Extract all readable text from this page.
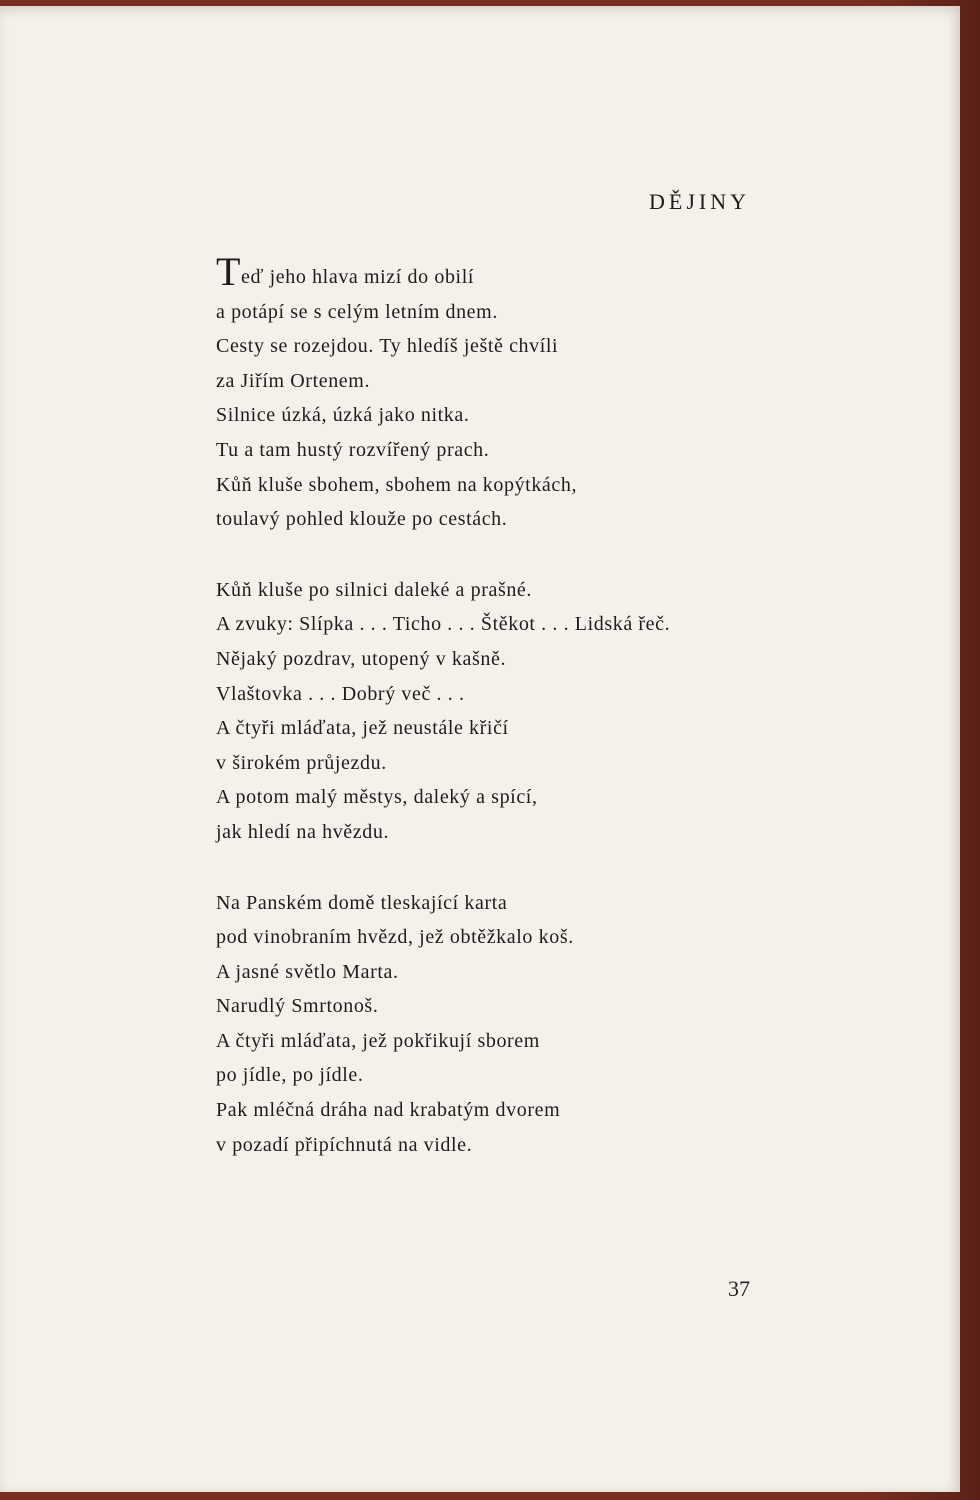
DĚJINY
Teď jeho hlava mizí do obilí
a potápí se s celým letním dnem.
Cesty se rozejdou. Ty hledíš ještě chvíli
za Jiřím Ortenem.
Silnice úzká, úzká jako nitka.
Tu a tam hustý rozvířený prach.
Kůň kluše sbohem, sbohem na kopýtkách,
toulavý pohled klouže po cestách.
Kůň kluše po silnici daleké a prašné.
A zvuky: Slípka . . . Ticho . . . Štěkot . . . Lidská řeč.
Nějaký pozdrav, utopený v kašně.
Vlaštovka . . . Dobrý več . . .
A čtyři mláďata, jež neustále křičí
v širokém průjezdu.
A potom malý městys, daleký a spící,
jak hledí na hvězdu.
Na Panském domě tleskající karta
pod vinobraním hvězd, jež obtěžkalo koš.
A jasné světlo Marta.
Narudlý Smrtonoš.
A čtyři mláďata, jež pokřikují sborem
po jídle, po jídle.
Pak mléčná dráha nad krabatým dvorem
v pozadí připíchnutá na vidle.
37
